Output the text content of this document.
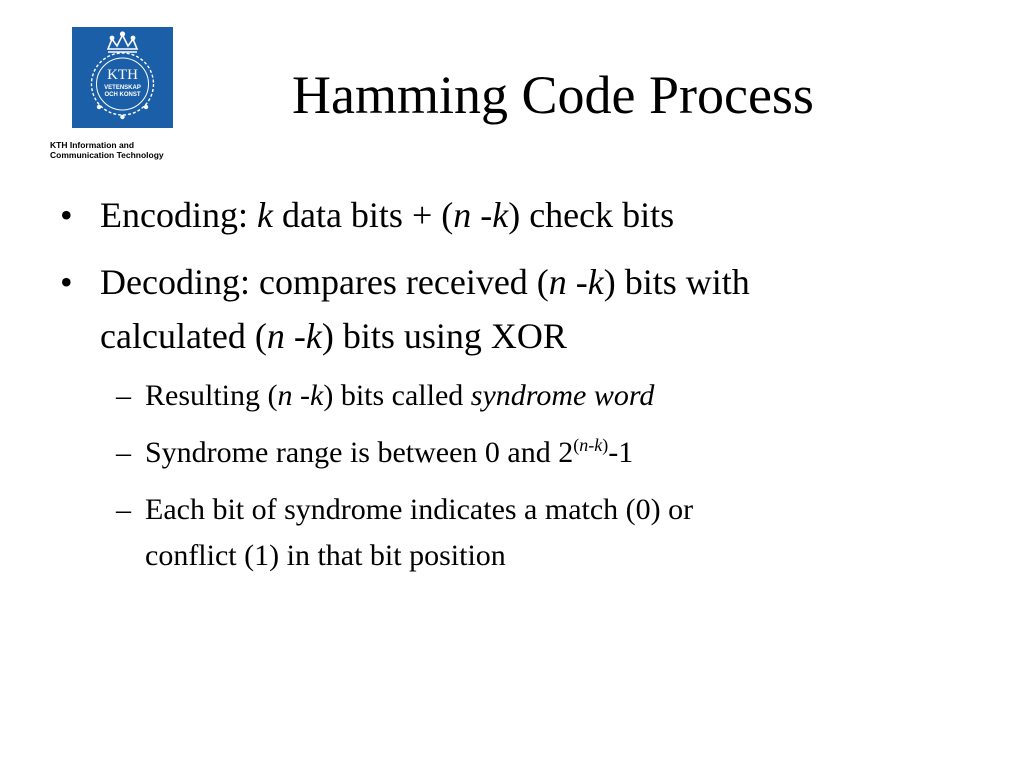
KTH
VETENSKAP
OCH KONST
KTH Information and
Communication Technology
Hamming Code Process
• Encoding: k data bits + (n -k) check bits
• Decoding: compares received (n -k) bits with
calculated (n -k) bits using XOR
– Resulting (n -k) bits called syndrome word
– Syndrome range is between 0 and 2$^{(n-k)}$-1
– Each bit of syndrome indicates a match (0) or
conflict (1) in that bit position
